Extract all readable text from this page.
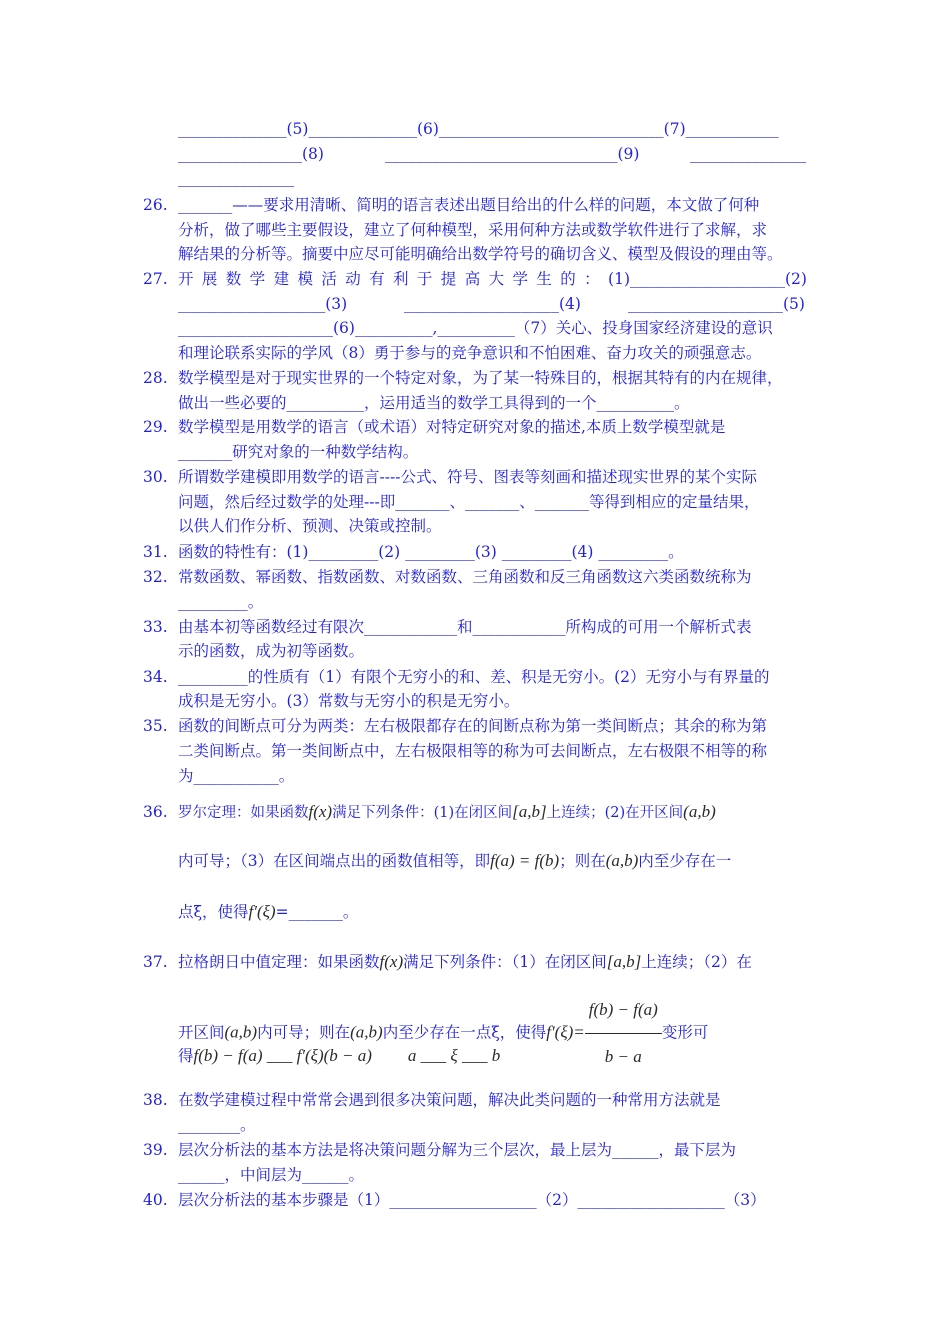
______________(5)______________(6)_____________________________(7)____________
________________(8)	______________________________(9)	_______________
_______________
26. _______——要求用清晰、简明的语言表述出题目给出的什么样的问题，本文做了何种
分析，做了哪些主要假设，建立了何种模型，采用何种方法或数学软件进行了求解，求
解结果的分析等。摘要中应尽可能明确给出数学符号的确切含义、模型及假设的理由等。
27. 开 展 数 学 建 模 活 动 有 利 于 提 高 大 学 生 的 ： (1)____________________(2)
___________________(3)	____________________(4)	____________________(5)
____________________(6)__________,__________（7）关心、投身国家经济建设的意识
和理论联系实际的学风（8）勇于参与的竞争意识和不怕困难、奋力攻关的顽强意志。
28. 数学模型是对于现实世界的一个特定对象，为了某一特殊目的，根据其特有的内在规律，
做出一些必要的__________，运用适当的数学工具得到的一个__________。
29. 数学模型是用数学的语言（或术语）对特定研究对象的描述,本质上数学模型就是
_______研究对象的一种数学结构。
30. 所谓数学建模即用数学的语言----公式、符号、图表等刻画和描述现实世界的某个实际
问题，然后经过数学的处理---即_______、_______、_______等得到相应的定量结果，
以供人们作分析、预测、决策或控制。
31. 函数的特性有：(1)_________(2) _________(3) _________(4) _________。
32. 常数函数、幂函数、指数函数、对数函数、三角函数和反三角函数这六类函数统称为
_________。
33. 由基本初等函数经过有限次____________和____________所构成的可用一个解析式表
示的函数，成为初等函数。
34. _________的性质有（1）有限个无穷小的和、差、积是无穷小。(2）无穷小与有界量的
成积是无穷小。(3）常数与无穷小的积是无穷小。
35. 函数的间断点可分为两类：左右极限都存在的间断点称为第一类间断点；其余的称为第
二类间断点。第一类间断点中，左右极限相等的称为可去间断点，左右极限不相等的称
为___________。
36. 罗尔定理：如果函数f(x)满足下列条件：(1)在闭区间[a,b]上连续；(2)在开区间(a,b)
内可导；（3）在区间端点出的函数值相等，即f(a) = f(b)；则在(a,b)内至少存在一
点ξ，使得f′(ξ)=_______。
37. 拉格朗日中值定理：如果函数f(x)满足下列条件：（1）在闭区间[a,b]上连续；（2）在
开区间(a,b)内可导；则在(a,b)内至少存在一点ξ，使得$f'(\xi)= \frac{f(b) - f(a)}{b - a}$ 变形可
得f(b) − f(a) ___ f′(ξ)(b − a) a ___ ξ ___ b
38. 在数学建模过程中常常会遇到很多决策问题，解决此类问题的一种常用方法就是
________。
39. 层次分析法的基本方法是将决策问题分解为三个层次，最上层为______，最下层为
______，中间层为______。
40. 层次分析法的基本步骤是（1）___________________（2）___________________（3）
